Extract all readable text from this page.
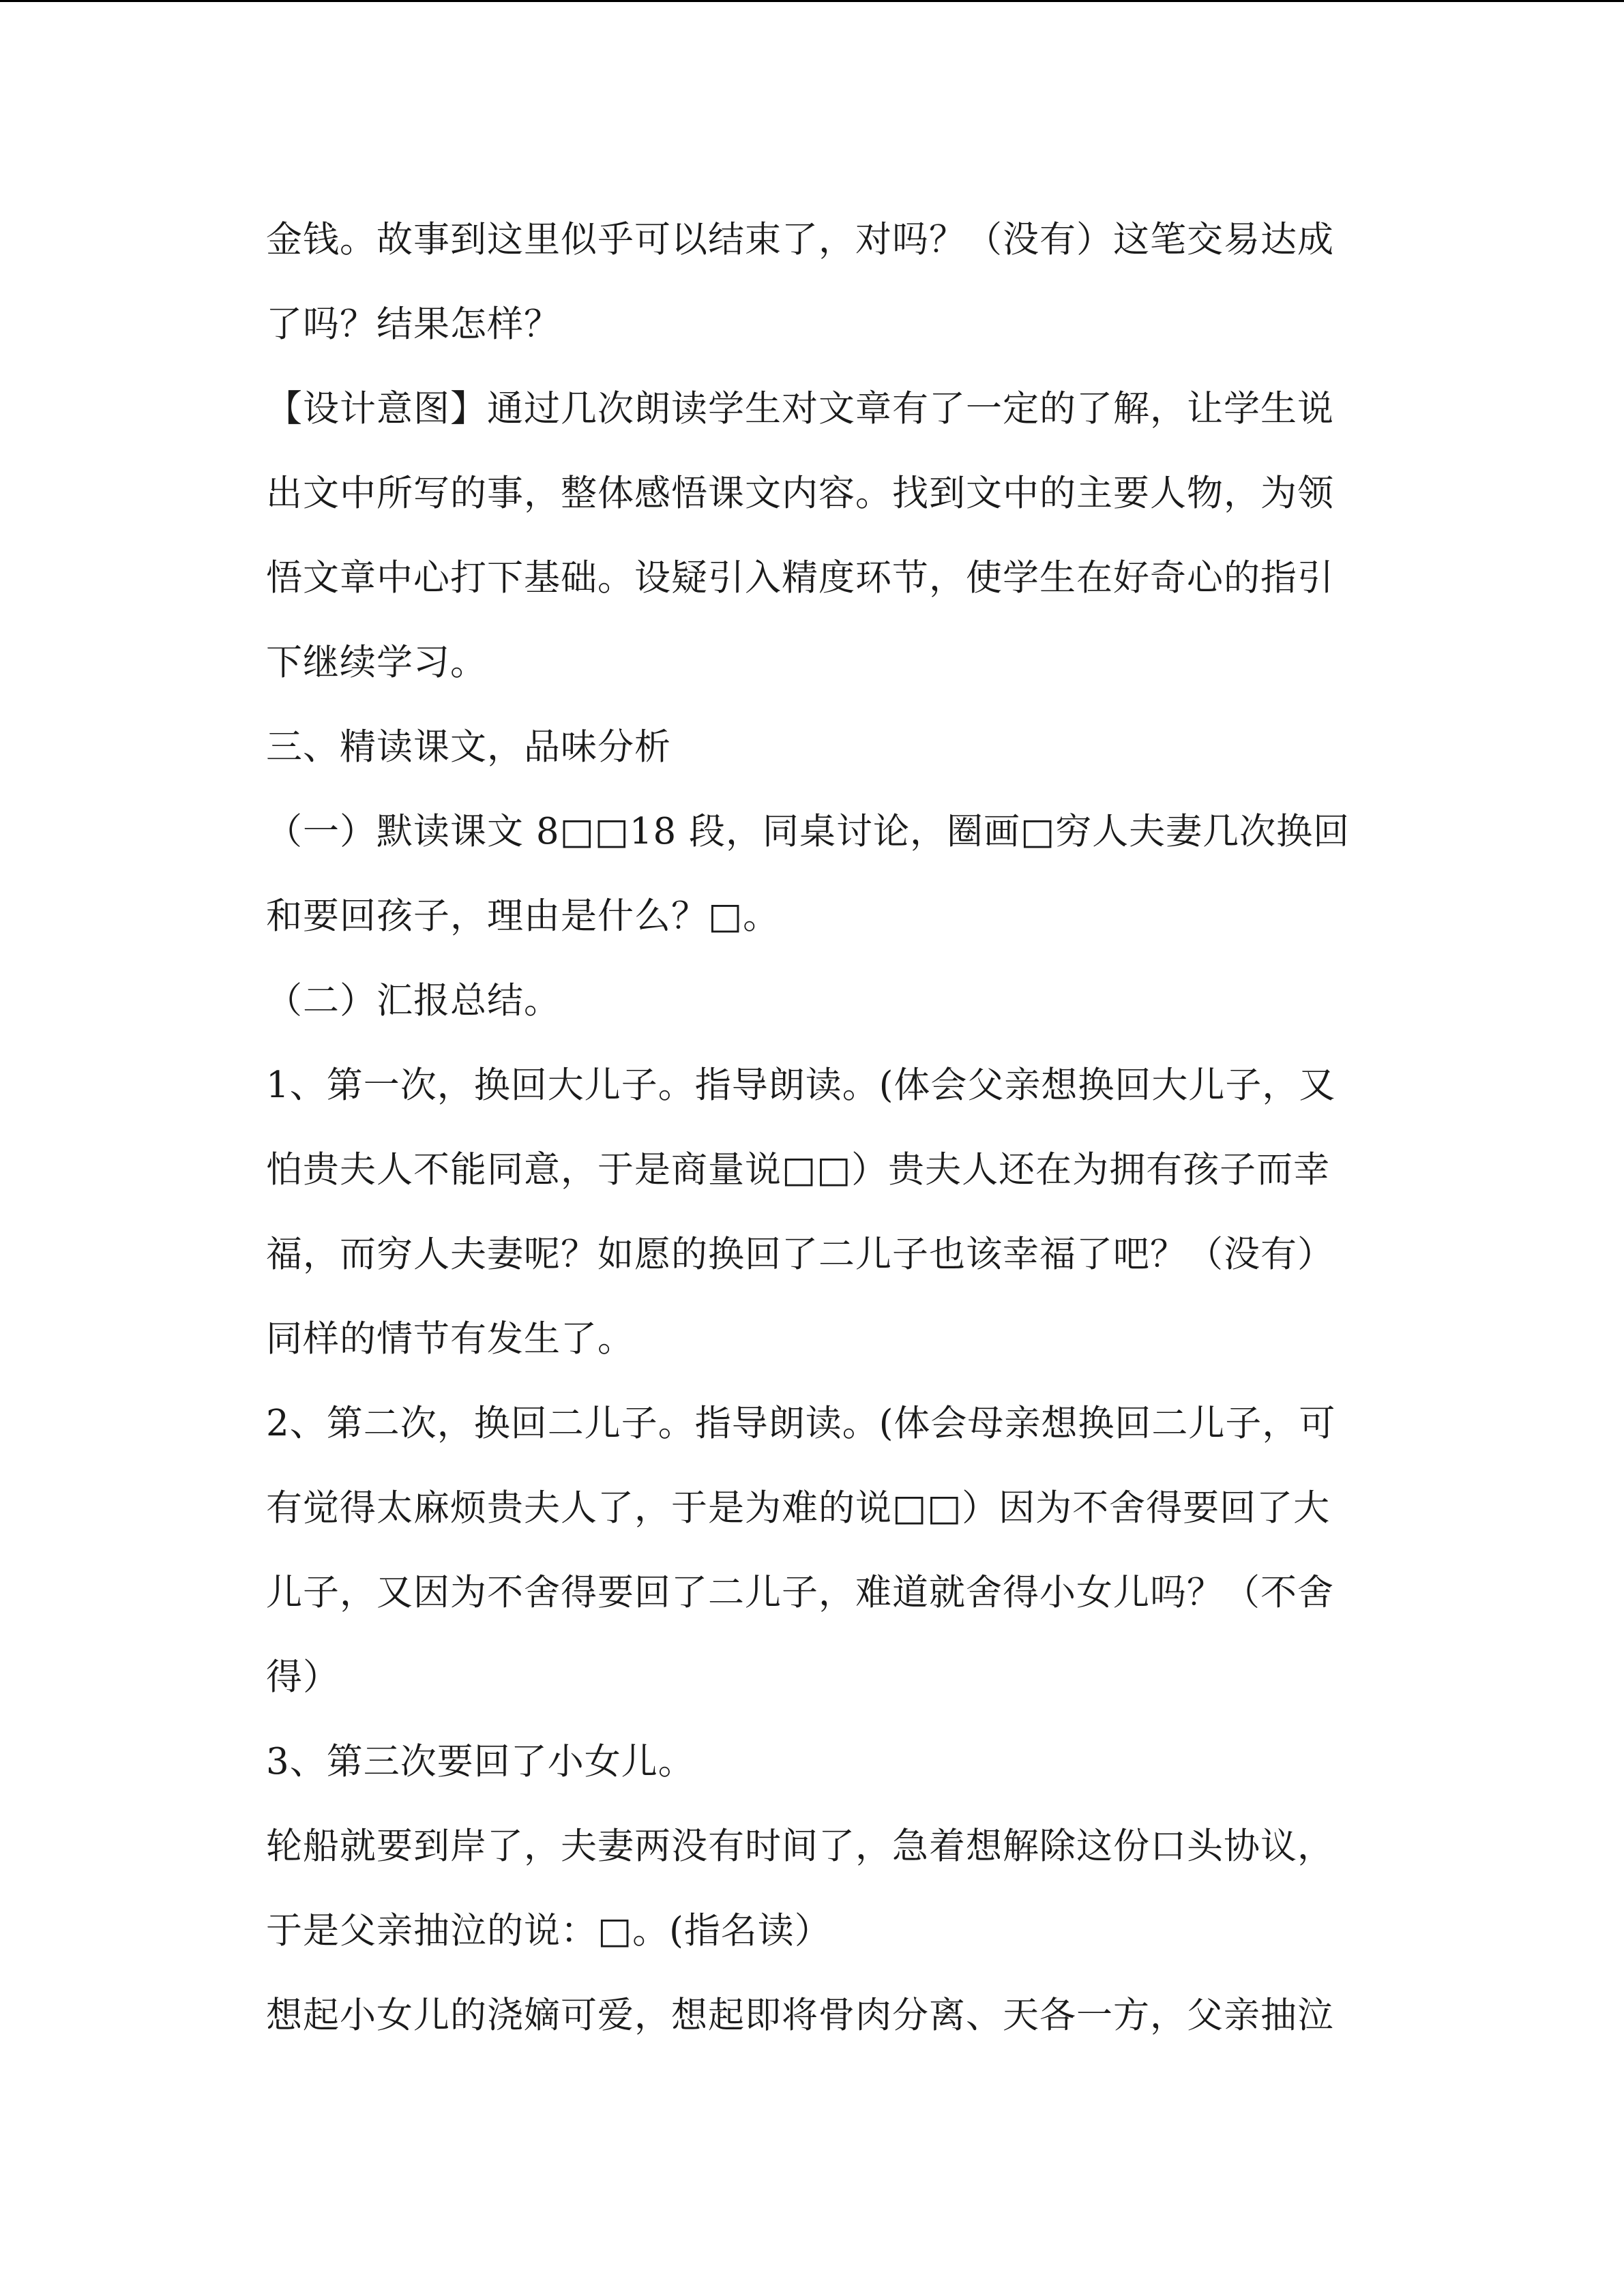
金钱。故事到这里似乎可以结束了，对吗？（没有）这笔交易达成
了吗？结果怎样？
【设计意图】通过几次朗读学生对文章有了一定的了解，让学生说
出文中所写的事，整体感悟课文内容。找到文中的主要人物，为领
悟文章中心打下基础。设疑引入精度环节，使学生在好奇心的指引
下继续学习。
三、精读课文，品味分析
（一）默读课文 8□□18 段，同桌讨论，圈画□穷人夫妻几次换回
和要回孩子，理由是什么？□。
（二）汇报总结。
1、第一次，换回大儿子。指导朗读。(体会父亲想换回大儿子，又
怕贵夫人不能同意，于是商量说□□）贵夫人还在为拥有孩子而幸
福，而穷人夫妻呢？如愿的换回了二儿子也该幸福了吧？（没有）
同样的情节有发生了。
2、第二次，换回二儿子。指导朗读。(体会母亲想换回二儿子，可
有觉得太麻烦贵夫人了，于是为难的说□□）因为不舍得要回了大
儿子，又因为不舍得要回了二儿子，难道就舍得小女儿吗？（不舍
得）
3、第三次要回了小女儿。
轮船就要到岸了，夫妻两没有时间了，急着想解除这份口头协议，
于是父亲抽泣的说：□。(指名读）
想起小女儿的浇嫡可爱，想起即将骨肉分离、天各一方，父亲抽泣
